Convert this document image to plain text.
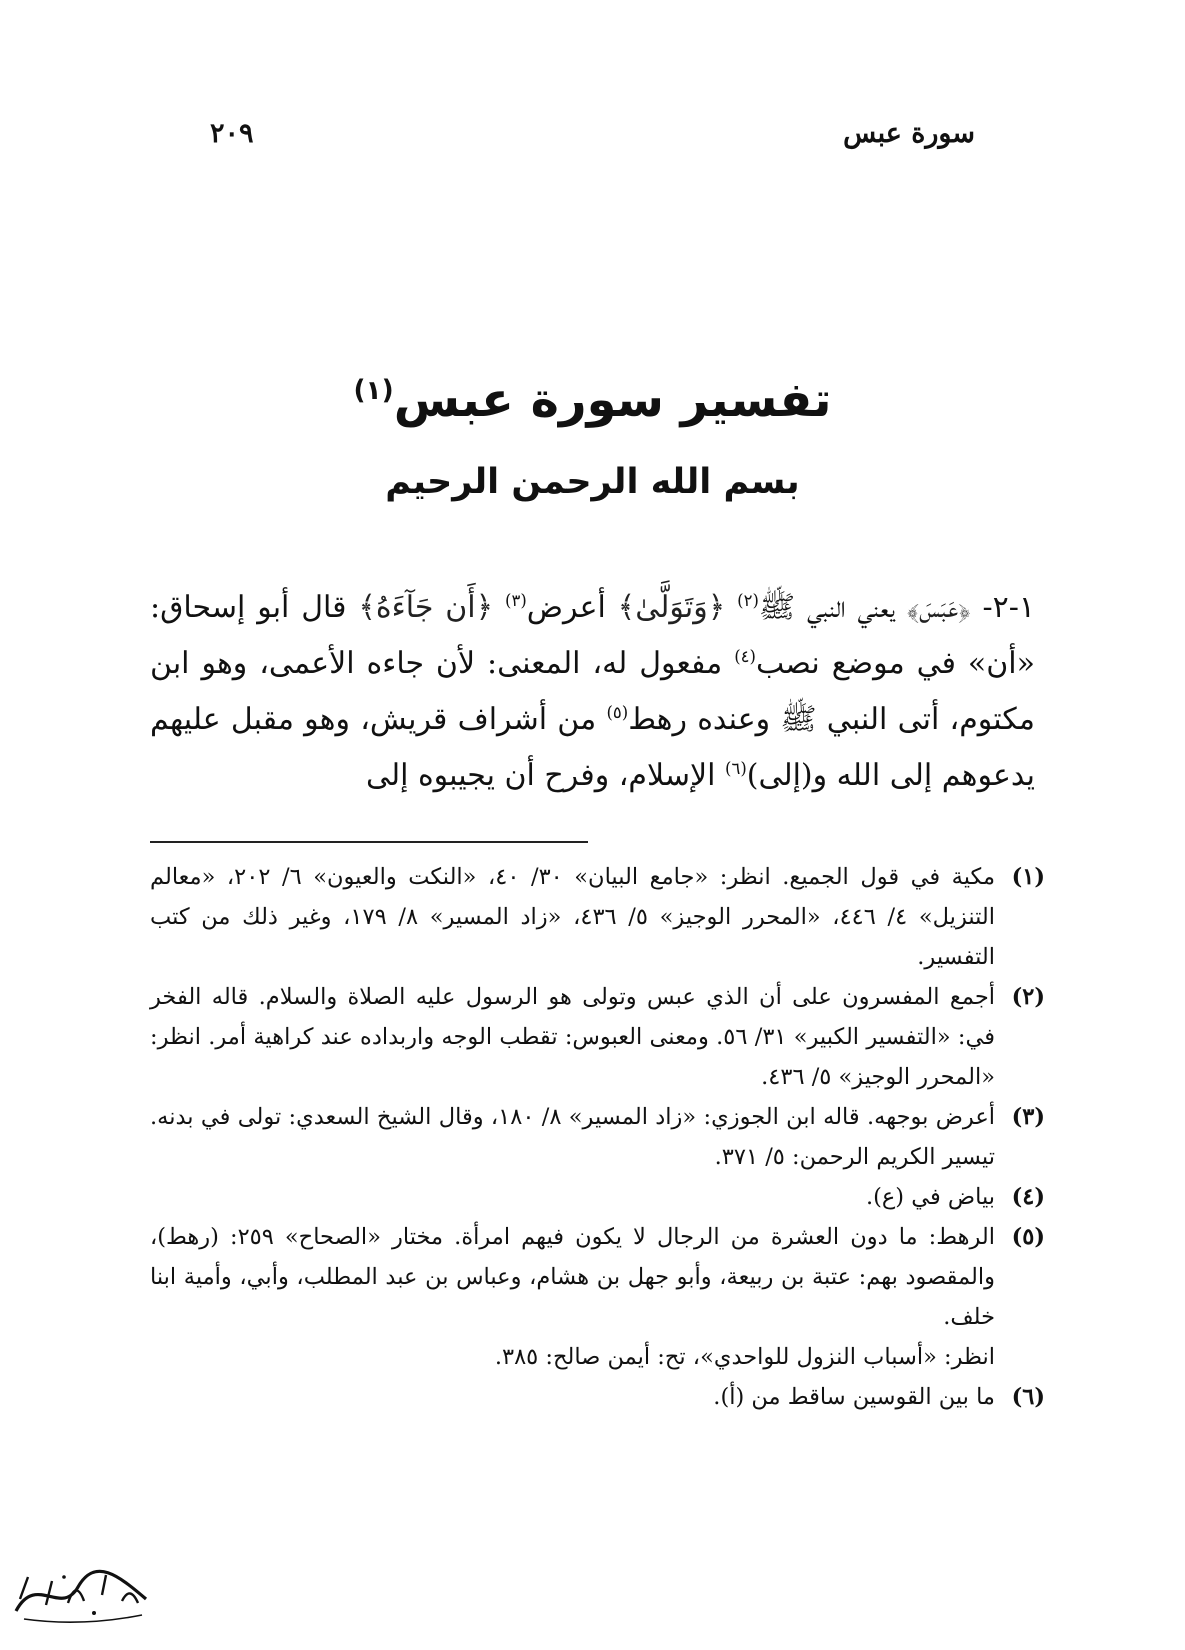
سورة عبس
٢٠٩
تفسير سورة عبس$^{(١)}$
بسم الله الرحمن الرحيم
١-٢- ﴿عَبَسَ﴾ يعني النبي ﷺ$^{(٢)}$ ﴿وَتَوَلَّىٰ﴾ أعرض$^{(٣)}$ ﴿أَن جَآءَهُ﴾ قال أبو إسحاق: «أن» في موضع نصب$^{(٤)}$ مفعول له، المعنى: لأن جاءه الأعمى، وهو ابن مكتوم، أتى النبي ﷺ وعنده رهط$^{(٥)}$ من أشراف قريش، وهو مقبل عليهم يدعوهم إلى الله و(إلى)$^{(٦)}$ الإسلام، وفرح أن يجيبوه إلى
(١)
مكية في قول الجميع. انظر: «جامع البيان» ٣٠/ ٤٠، «النكت والعيون» ٦/ ٢٠٢، «معالم التنزيل» ٤/ ٤٤٦، «المحرر الوجيز» ٥/ ٤٣٦، «زاد المسير» ٨/ ١٧٩، وغير ذلك من كتب التفسير.
(٢)
أجمع المفسرون على أن الذي عبس وتولى هو الرسول عليه الصلاة والسلام. قاله الفخر في: «التفسير الكبير» ٣١/ ٥٦. ومعنى العبوس: تقطب الوجه واربداده عند كراهية أمر. انظر: «المحرر الوجيز» ٥/ ٤٣٦.
(٣)
أعرض بوجهه. قاله ابن الجوزي: «زاد المسير» ٨/ ١٨٠، وقال الشيخ السعدي: تولى في بدنه. تيسير الكريم الرحمن: ٥/ ٣٧١.
(٤)
بياض في (ع).
(٥)
الرهط: ما دون العشرة من الرجال لا يكون فيهم امرأة. مختار «الصحاح» ٢٥٩: (رهط)، والمقصود بهم: عتبة بن ربيعة، وأبو جهل بن هشام، وعباس بن عبد المطلب، وأبي، وأمية ابنا خلف.
انظر: «أسباب النزول للواحدي»، تح: أيمن صالح: ٣٨٥.
(٦)
ما بين القوسين ساقط من (أ).
